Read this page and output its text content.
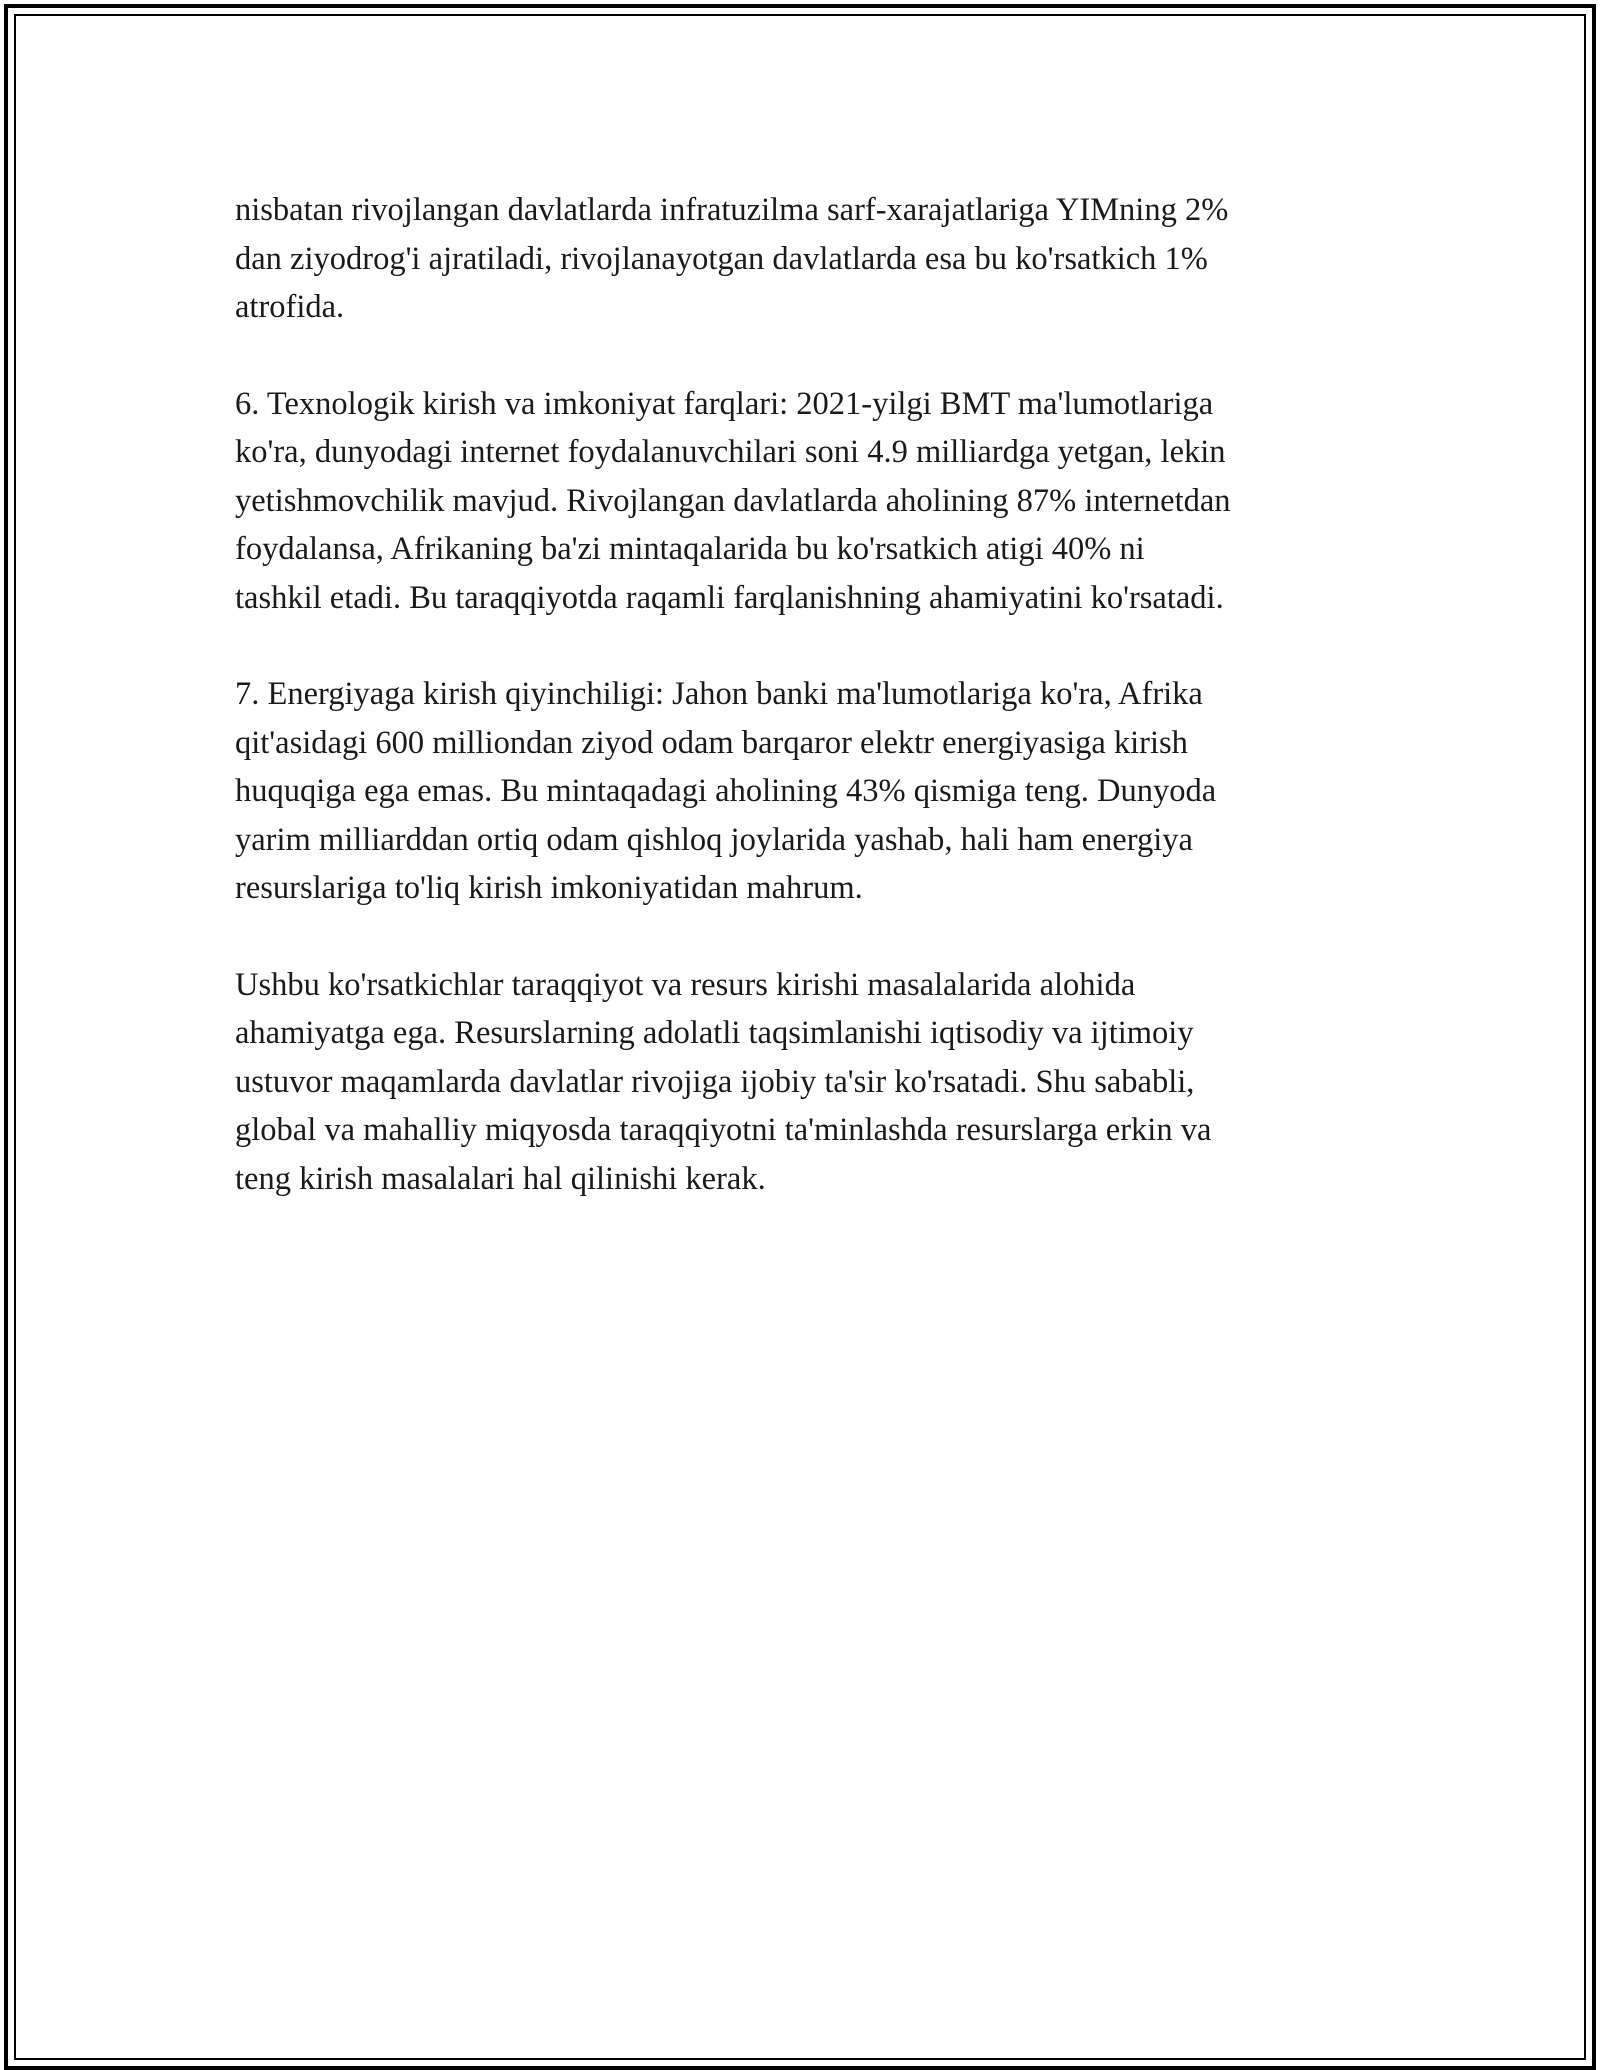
nisbatan rivojlangan davlatlarda infratuzilma sarf-xarajatlariga YIMning 2%
dan ziyodrog'i ajratiladi, rivojlanayotgan davlatlarda esa bu ko'rsatkich 1%
atrofida.

6. Texnologik kirish va imkoniyat farqlari: 2021-yilgi BMT ma'lumotlariga
ko'ra, dunyodagi internet foydalanuvchilari soni 4.9 milliardga yetgan, lekin
yetishmovchilik mavjud. Rivojlangan davlatlarda aholining 87% internetdan
foydalansa, Afrikaning ba'zi mintaqalarida bu ko'rsatkich atigi 40% ni
tashkil etadi. Bu taraqqiyotda raqamli farqlanishning ahamiyatini ko'rsatadi.

7. Energiyaga kirish qiyinchiligi: Jahon banki ma'lumotlariga ko'ra, Afrika
qit'asidagi 600 milliondan ziyod odam barqaror elektr energiyasiga kirish
huquqiga ega emas. Bu mintaqadagi aholining 43% qismiga teng. Dunyoda
yarim milliarddan ortiq odam qishloq joylarida yashab, hali ham energiya
resurslariga to'liq kirish imkoniyatidan mahrum.

Ushbu ko'rsatkichlar taraqqiyot va resurs kirishi masalalarida alohida
ahamiyatga ega. Resurslarning adolatli taqsimlanishi iqtisodiy va ijtimoiy
ustuvor maqamlarda davlatlar rivojiga ijobiy ta'sir ko'rsatadi. Shu sababli,
global va mahalliy miqyosda taraqqiyotni ta'minlashda resurslarga erkin va
teng kirish masalalari hal qilinishi kerak.
